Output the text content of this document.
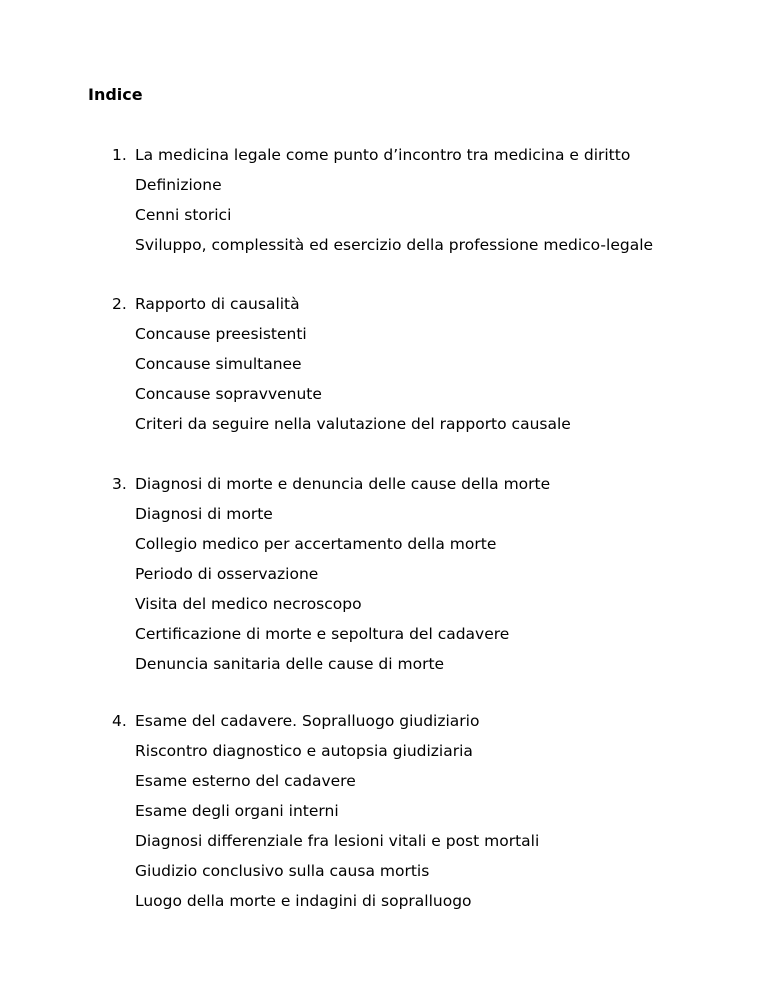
Indice
1. La medicina legale come punto d’incontro tra medicina e diritto
Definizione
Cenni storici
Sviluppo, complessità ed esercizio della professione medico-legale
2. Rapporto di causalità
Concause preesistenti
Concause simultanee
Concause sopravvenute
Criteri da seguire nella valutazione del rapporto causale
3. Diagnosi di morte e denuncia delle cause della morte
Diagnosi di morte
Collegio medico per accertamento della morte
Periodo di osservazione
Visita del medico necroscopo
Certificazione di morte e sepoltura del cadavere
Denuncia sanitaria delle cause di morte
4. Esame del cadavere. Sopralluogo giudiziario
Riscontro diagnostico e autopsia giudiziaria
Esame esterno del cadavere
Esame degli organi interni
Diagnosi differenziale fra lesioni vitali e post mortali
Giudizio conclusivo sulla causa mortis
Luogo della morte e indagini di sopralluogo
